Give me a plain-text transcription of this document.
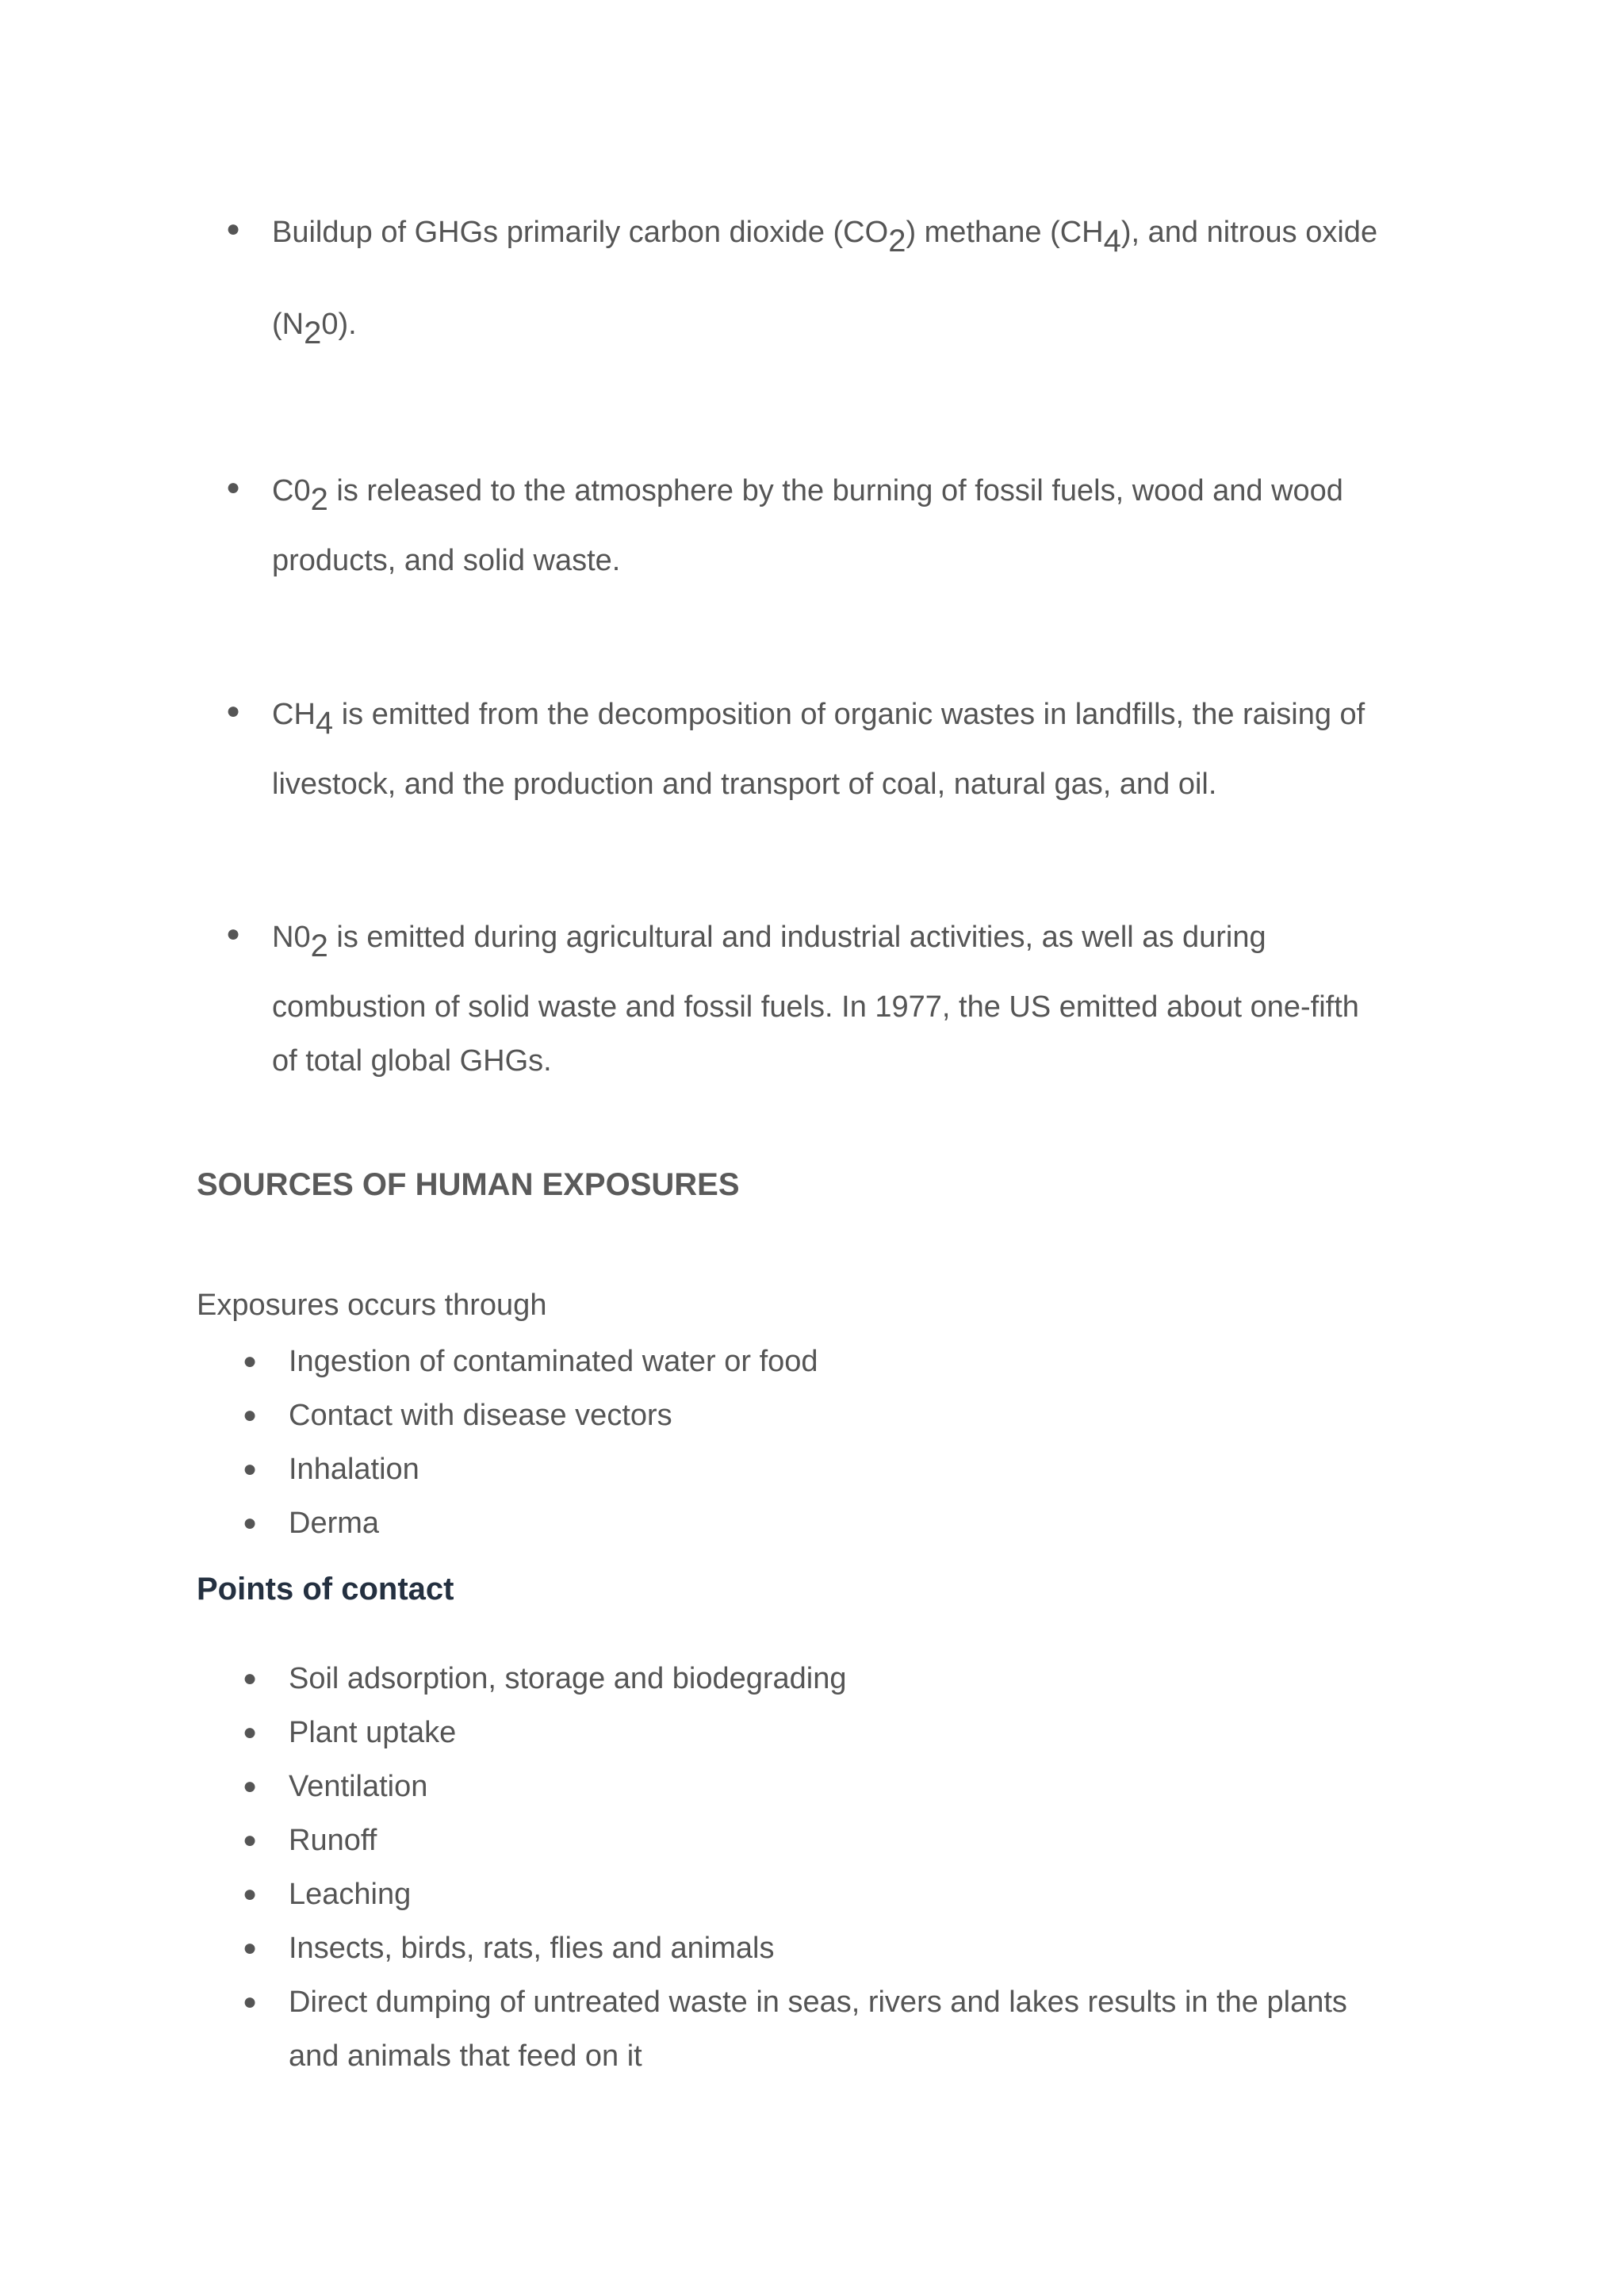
● Buildup of GHGs primarily carbon dioxide (CO2) methane (CH4), and nitrous oxide
(N20).
● C02 is released to the atmosphere by the burning of fossil fuels, wood and wood
products, and solid waste.
● CH4 is emitted from the decomposition of organic wastes in landfills, the raising of
livestock, and the production and transport of coal, natural gas, and oil.
● N02 is emitted during agricultural and industrial activities, as well as during
combustion of solid waste and fossil fuels. In 1977, the US emitted about one-fifth
of total global GHGs.
SOURCES OF HUMAN EXPOSURES
Exposures occurs through
● Ingestion of contaminated water or food
● Contact with disease vectors
● Inhalation
● Derma
Points of contact
● Soil adsorption, storage and biodegrading
● Plant uptake
● Ventilation
● Runoff
● Leaching
● Insects, birds, rats, flies and animals
● Direct dumping of untreated waste in seas, rivers and lakes results in the plants
and animals that feed on it
